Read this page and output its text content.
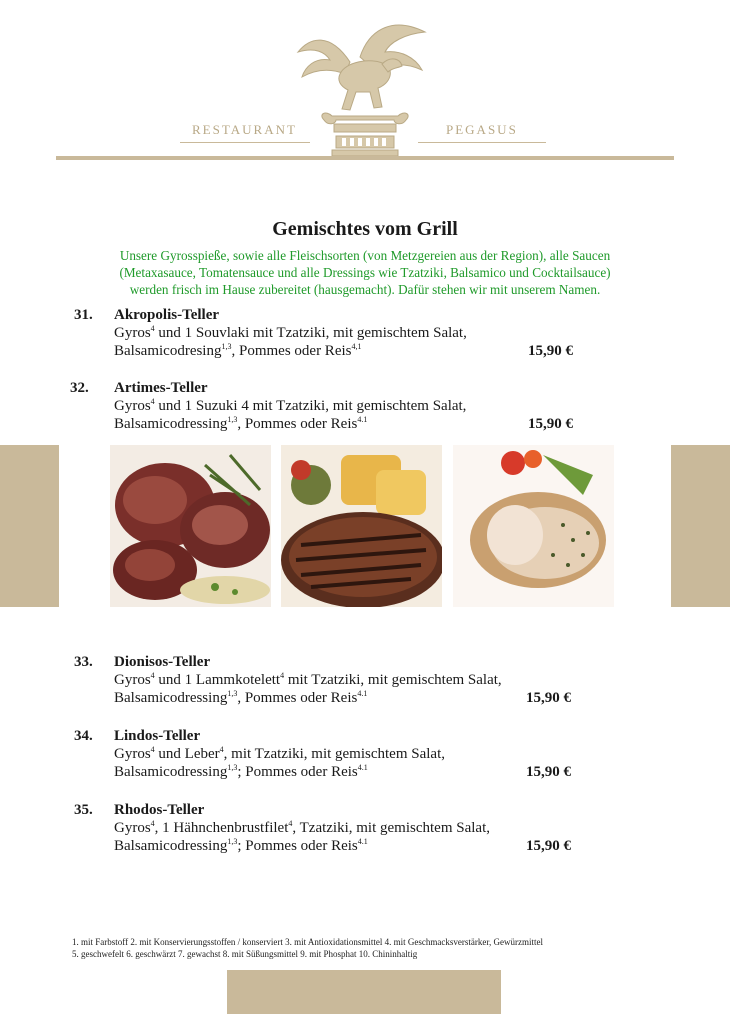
RESTAURANT	PEGASUS
Gemischtes vom Grill
Unsere Gyrosspieße, sowie alle Fleischsorten (von Metzgereien aus der Region), alle Saucen
(Metaxasauce, Tomatensauce und alle Dressings wie Tzatziki, Balsamico und Cocktailsauce)
werden frisch im Hause zubereitet (hausgemacht). Dafür stehen wir mit unserem Namen.
31. Akropolis-Teller
Gyros$^4$ und 1 Souvlaki mit Tzatziki, mit gemischtem Salat,
Balsamicodresing$^{1,3}$, Pommes oder Reis$^{4,1}$	15,90 €
32. Artimes-Teller
Gyros$^4$ und 1 Suzuki 4 mit Tzatziki, mit gemischtem Salat,
Balsamicodressing$^{1,3}$, Pommes oder Reis$^{4.1}$	15,90 €
33. Dionisos-Teller
Gyros$^4$ und 1 Lammkotelett$^4$ mit Tzatziki, mit gemischtem Salat,
Balsamicodressing$^{1,3}$, Pommes oder Reis$^{4.1}$	15,90 €
34. Lindos-Teller
Gyros$^4$ und Leber$^4$, mit Tzatziki, mit gemischtem Salat,
Balsamicodressing$^{1,3}$; Pommes oder Reis$^{4.1}$	15,90 €
35. Rhodos-Teller
Gyros$^4$, 1 Hähnchenbrustfilet$^4$, Tzatziki, mit gemischtem Salat,
Balsamicodressing$^{1,3}$; Pommes oder Reis$^{4.1}$	15,90 €
1. mit Farbstoff 2. mit Konservierungsstoffen / konserviert 3. mit Antioxidationsmittel 4. mit Geschmacksverstärker, Gewürzmittel
5. geschwefelt 6. geschwärzt 7. gewachst 8. mit Süßungsmittel 9. mit Phosphat 10. Chininhaltig
